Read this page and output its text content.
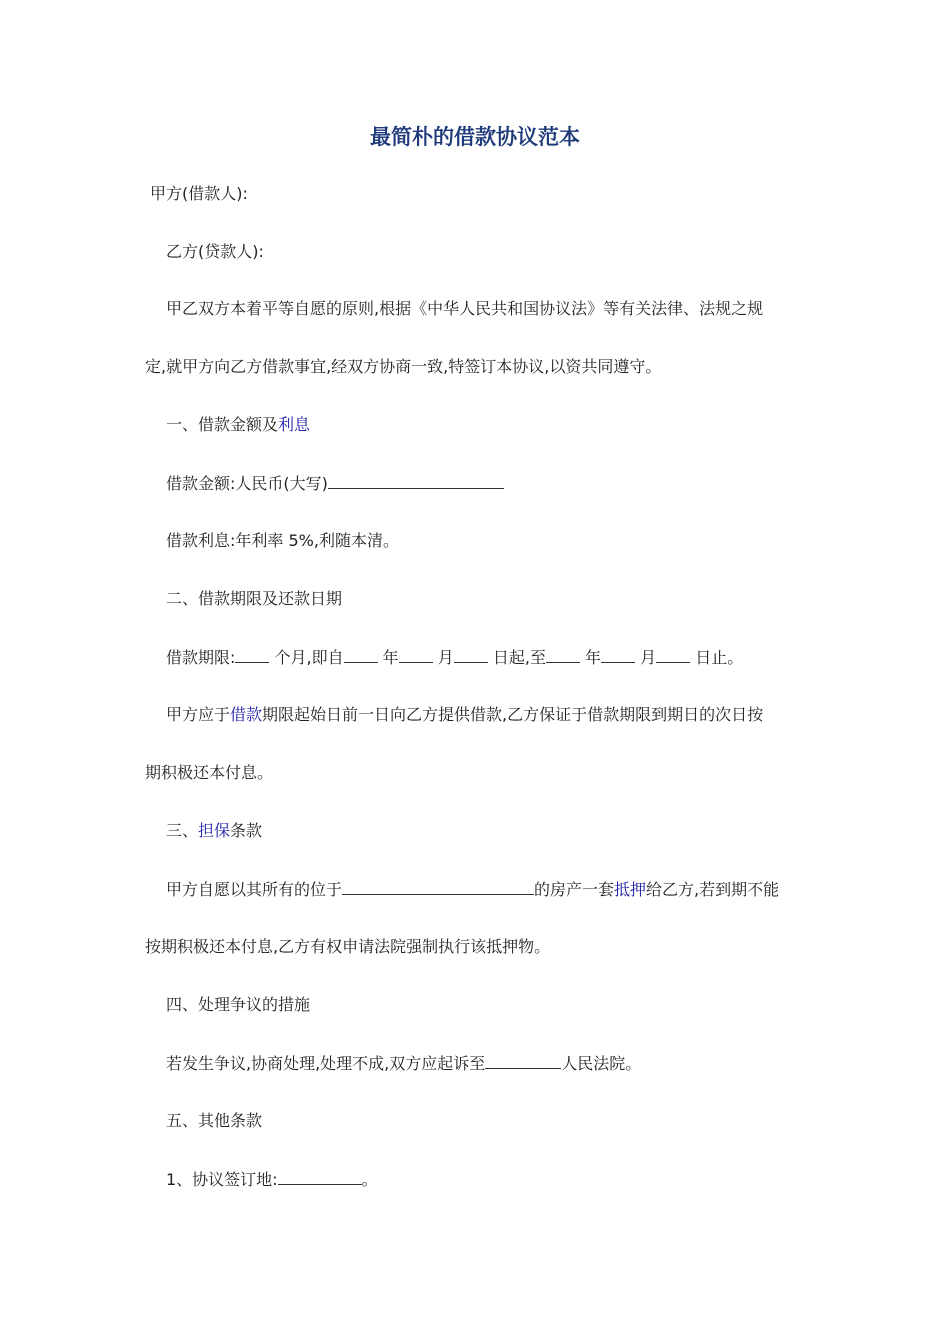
最简朴的借款协议范本
甲方(借款人):
乙方(贷款人):
甲乙双方本着平等自愿的原则,根据《中华人民共和国协议法》等有关法律、法规之规
定,就甲方向乙方借款事宜,经双方协商一致,特签订本协议,以资共同遵守。
一、借款金额及利息
借款金额:人民币(大写)
借款利息:年利率 5%,利随本清。
二、借款期限及还款日期
借款期限: 个月,即自 年 月 日起,至 年 月 日止。
甲方应于借款期限起始日前一日向乙方提供借款,乙方保证于借款期限到期日的次日按
期积极还本付息。
三、担保条款
甲方自愿以其所有的位于	的房产一套抵押给乙方,若到期不能
按期积极还本付息,乙方有权申请法院强制执行该抵押物。
四、处理争议的措施
若发生争议,协商处理,处理不成,双方应起诉至	人民法院。
五、其他条款
1、协议签订地:	。
